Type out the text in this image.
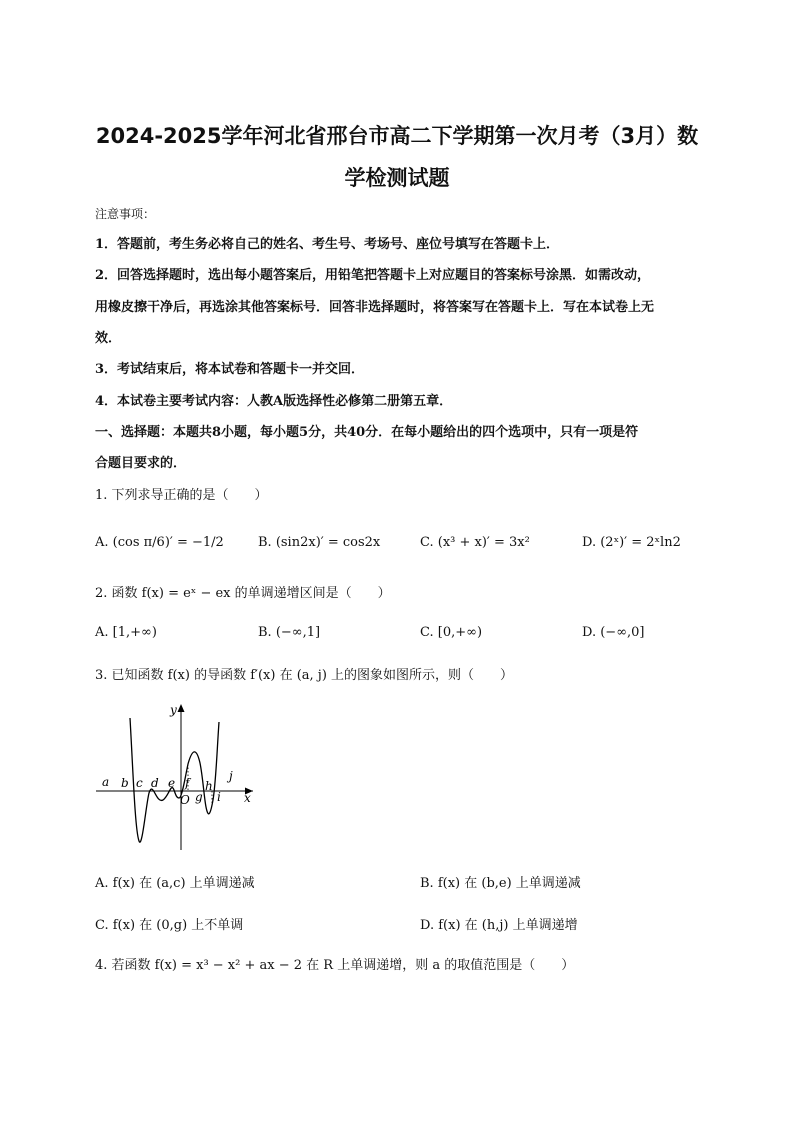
2024-2025学年河北省邢台市高二下学期第一次月考（3月）数
学检测试题
注意事项：
1．答题前，考生务必将自己的姓名、考生号、考场号、座位号填写在答题卡上．
2．回答选择题时，选出每小题答案后，用铅笔把答题卡上对应题目的答案标号涂黑．如需改动，
用橡皮擦干净后，再选涂其他答案标号．回答非选择题时，将答案写在答题卡上．写在本试卷上无
效．
3．考试结束后，将本试卷和答题卡一并交回．
4．本试卷主要考试内容：人教A版选择性必修第二册第五章．
一、选择题：本题共8小题，每小题5分，共40分．在每小题给出的四个选项中，只有一项是符
合题目要求的．
1. 下列求导正确的是（　　）
A. (cos π/6)′ = −1/2	B. (sin2x)′ = cos2x	C. (x³ + x)′ = 3x²	D. (2ˣ)′ = 2ˣln2
2. 函数 f(x) = eˣ − ex 的单调递增区间是（　　）
A. [1,+∞)	B. (−∞,1]	C. [0,+∞)	D. (−∞,0]
3. 已知函数 f(x) 的导函数 f′(x) 在 (a, j) 上的图象如图所示，则（　　）
y
a b c d e f
O g
h
i
j
x
A. f(x) 在 (a,c) 上单调递减	B. f(x) 在 (b,e) 上单调递减
C. f(x) 在 (0,g) 上不单调	D. f(x) 在 (h,j) 上单调递增
4. 若函数 f(x) = x³ − x² + ax − 2 在 R 上单调递增，则 a 的取值范围是（　　）
